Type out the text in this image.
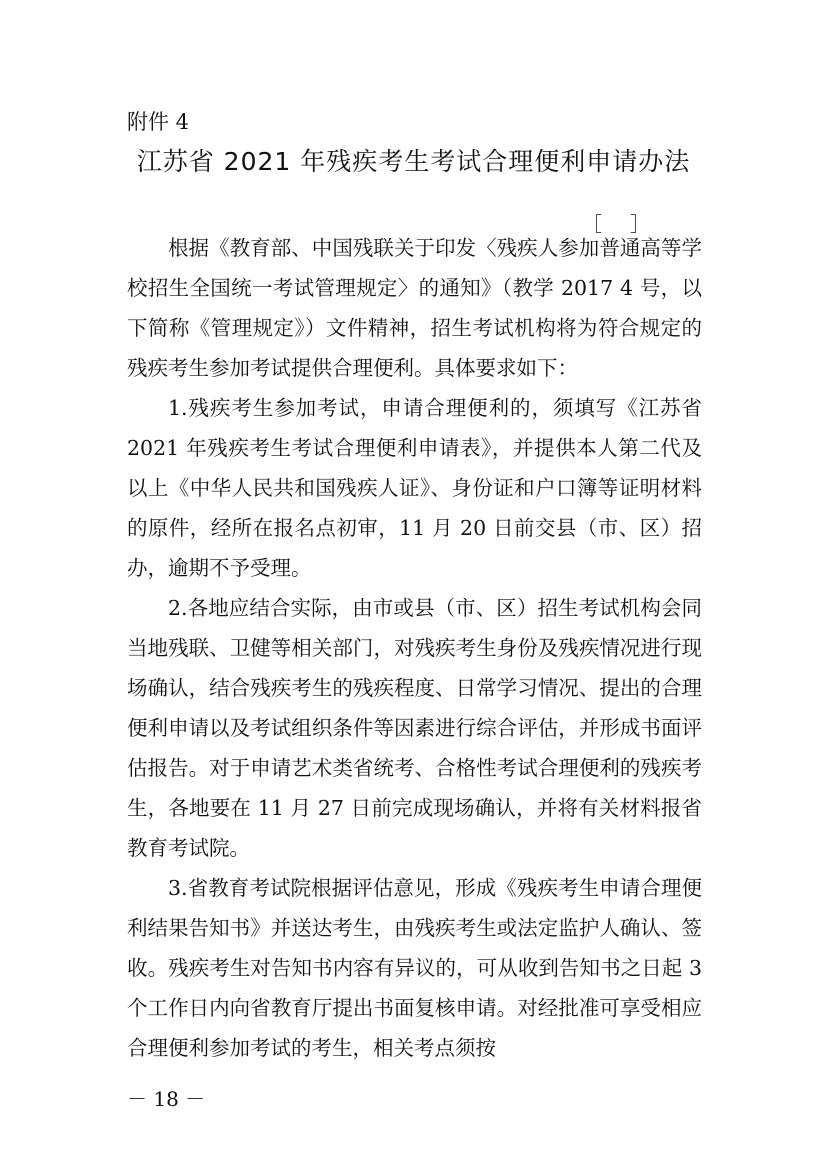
附件 4
江苏省 2021 年残疾考生考试合理便利申请办法

根据《教育部、中国残联关于印发〈残疾人参加普通高等学校招生全国统一考试管理规定〉的通知》（教学 2017 4 号，以下简称《管理规定》）文件精神，招生考试机构将为符合规定的残疾考生参加考试提供合理便利。具体要求如下：

1.残疾考生参加考试，申请合理便利的，须填写《江苏省 2021 年残疾考生考试合理便利申请表》，并提供本人第二代及以上《中华人民共和国残疾人证》、身份证和户口簿等证明材料的原件，经所在报名点初审，11 月 20 日前交县（市、区）招办，逾期不予受理。

2.各地应结合实际，由市或县（市、区）招生考试机构会同当地残联、卫健等相关部门，对残疾考生身份及残疾情况进行现场确认，结合残疾考生的残疾程度、日常学习情况、提出的合理便利申请以及考试组织条件等因素进行综合评估，并形成书面评估报告。对于申请艺术类省统考、合格性考试合理便利的残疾考生，各地要在 11 月 27 日前完成现场确认，并将有关材料报省教育考试院。

3.省教育考试院根据评估意见，形成《残疾考生申请合理便利结果告知书》并送达考生，由残疾考生或法定监护人确认、签收。残疾考生对告知书内容有异议的，可从收到告知书之日起 3 个工作日内向省教育厅提出书面复核申请。对经批准可享受相应合理便利参加考试的考生，相关考点须按

［ ］
－ 18 －
